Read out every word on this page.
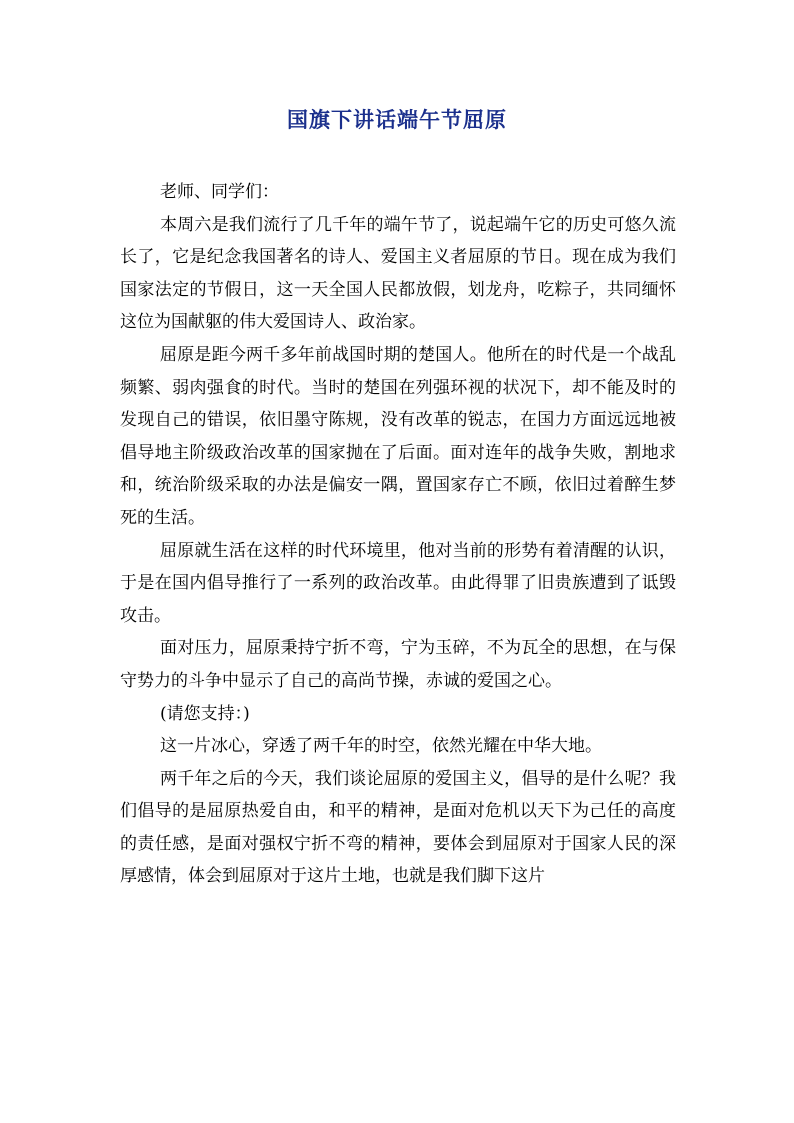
国旗下讲话端午节屈原

老师、同学们：

本周六是我们流行了几千年的端午节了，说起端午它的历史可悠久流长了，它是纪念我国著名的诗人、爱国主义者屈原的节日。现在成为我们国家法定的节假日，这一天全国人民都放假，划龙舟，吃粽子，共同缅怀这位为国献躯的伟大爱国诗人、政治家。

屈原是距今两千多年前战国时期的楚国人。他所在的时代是一个战乱频繁、弱肉强食的时代。当时的楚国在列强环视的状况下，却不能及时的发现自己的错误，依旧墨守陈规，没有改革的锐志，在国力方面远远地被倡导地主阶级政治改革的国家抛在了后面。面对连年的战争失败，割地求和，统治阶级采取的办法是偏安一隅，置国家存亡不顾，依旧过着醉生梦死的生活。

屈原就生活在这样的时代环境里，他对当前的形势有着清醒的认识，于是在国内倡导推行了一系列的政治改革。由此得罪了旧贵族遭到了诋毁攻击。

面对压力，屈原秉持宁折不弯，宁为玉碎，不为瓦全的思想，在与保守势力的斗争中显示了自己的高尚节操，赤诚的爱国之心。

(请您支持：)

这一片冰心，穿透了两千年的时空，依然光耀在中华大地。

两千年之后的今天，我们谈论屈原的爱国主义，倡导的是什么呢？我们倡导的是屈原热爱自由，和平的精神，是面对危机以天下为己任的高度的责任感，是面对强权宁折不弯的精神，要体会到屈原对于国家人民的深厚感情，体会到屈原对于这片土地，也就是我们脚下这片
